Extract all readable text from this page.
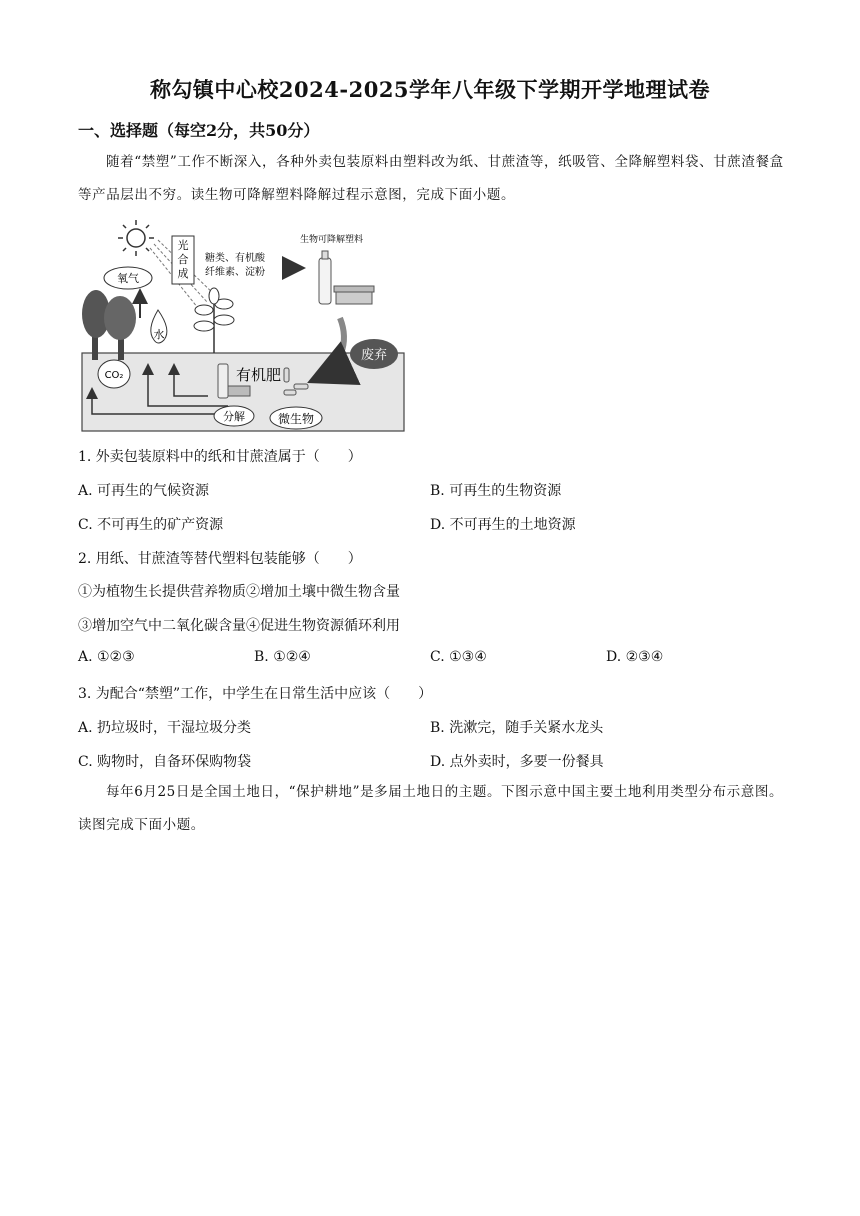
称勾镇中心校2024-2025学年八年级下学期开学地理试卷
一、选择题（每空2分，共50分）
随着“禁塑”工作不断深入，各种外卖包装原料由塑料改为纸、甘蔗渣等，纸吸管、全降解塑料袋、甘蔗渣餐盒等产品层出不穷。读生物可降解塑料降解过程示意图，完成下面小题。
光
合
成
糖类、有机酸
纤维素、淀粉
生物可降解塑料
废弃
氧气
CO₂
水
有机肥
分解	微生物
1. 外卖包装原料中的纸和甘蔗渣属于（　　）
A. 可再生的气候资源	B. 可再生的生物资源
C. 不可再生的矿产资源	D. 不可再生的土地资源
2. 用纸、甘蔗渣等替代塑料包装能够（　　）
①为植物生长提供营养物质②增加土壤中微生物含量
③增加空气中二氧化碳含量④促进生物资源循环利用
A. ①②③	B. ①②④	C. ①③④	D. ②③④
3. 为配合“禁塑”工作，中学生在日常生活中应该（　　）
A. 扔垃圾时，干湿垃圾分类	B. 洗漱完，随手关紧水龙头
C. 购物时，自备环保购物袋	D. 点外卖时，多要一份餐具
每年6月25日是全国土地日，“保护耕地”是多届土地日的主题。下图示意中国主要土地利用类型分布示意图。读图完成下面小题。
